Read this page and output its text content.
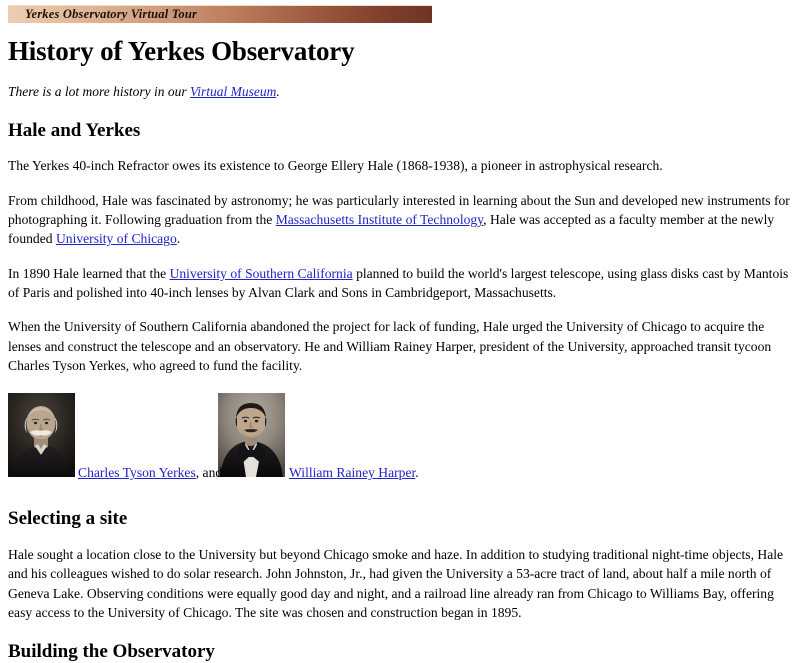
Yerkes Observatory Virtual Tour
History of Yerkes Observatory

There is a lot more history in our Virtual Museum.

Hale and Yerkes

The Yerkes 40-inch Refractor owes its existence to George Ellery Hale (1868-1938), a pioneer in astrophysical research.

From childhood, Hale was fascinated by astronomy; he was particularly interested in learning about the Sun and developed new instruments for photographing it. Following graduation from the Massachusetts Institute of Technology, Hale was accepted as a faculty member at the newly founded University of Chicago.

In 1890 Hale learned that the University of Southern California planned to build the world's largest telescope, using glass disks cast by Mantois of Paris and polished into 40-inch lenses by Alvan Clark and Sons in Cambridgeport, Massachusetts.

When the University of Southern California abandoned the project for lack of funding, Hale urged the University of Chicago to acquire the lenses and construct the telescope and an observatory. He and William Rainey Harper, president of the University, approached transit tycoon Charles Tyson Yerkes, who agreed to fund the facility.

Charles Tyson Yerkes, and	William Rainey Harper.
Selecting a site

Hale sought a location close to the University but beyond Chicago smoke and haze. In addition to studying traditional night-time objects, Hale and his colleagues wished to do solar research. John Johnston, Jr., had given the University a 53-acre tract of land, about half a mile north of Geneva Lake. Observing conditions were equally good day and night, and a railroad line already ran from Chicago to Williams Bay, offering easy access to the University of Chicago. The site was chosen and construction began in 1895.

Building the Observatory
